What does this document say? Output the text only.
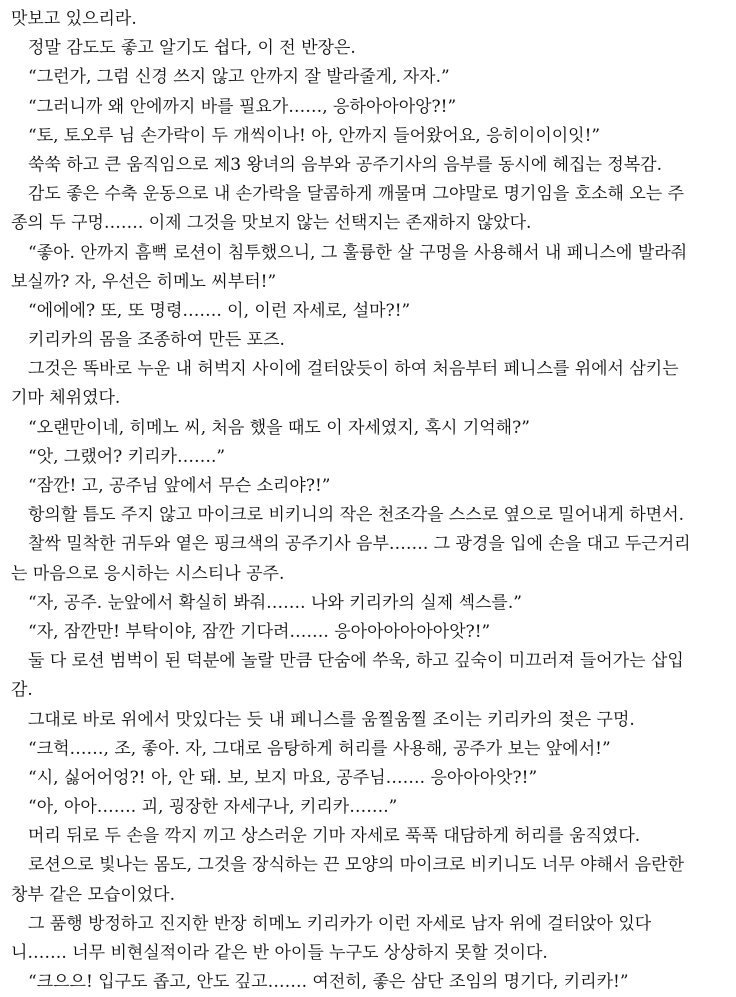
맛보고 있으리라.
정말 감도도 좋고 알기도 쉽다, 이 전 반장은.
“그런가, 그럼 신경 쓰지 않고 안까지 잘 발라줄게, 자자.”
“그러니까 왜 안에까지 바를 필요가……, 응하아아아앙?!”
“토, 토오루 님 손가락이 두 개씩이나! 아, 안까지 들어왔어요, 응히이이이잇!”
쑥쑥 하고 큰 움직임으로 제3 왕녀의 음부와 공주기사의 음부를 동시에 헤집는 정복감.
감도 좋은 수축 운동으로 내 손가락을 달콤하게 깨물며 그야말로 명기임을 호소해 오는 주
종의 두 구멍……. 이제 그것을 맛보지 않는 선택지는 존재하지 않았다.
“좋아. 안까지 흠뻑 로션이 침투했으니, 그 훌륭한 살 구멍을 사용해서 내 페니스에 발라줘
보실까? 자, 우선은 히메노 씨부터!”
“에에에? 또, 또 명령……. 이, 이런 자세로, 설마?!”
키리카의 몸을 조종하여 만든 포즈.
그것은 똑바로 누운 내 허벅지 사이에 걸터앉듯이 하여 처음부터 페니스를 위에서 삼키는
기마 체위였다.
“오랜만이네, 히메노 씨, 처음 했을 때도 이 자세였지, 혹시 기억해?”
“앗, 그랬어? 키리카…….”
“잠깐! 고, 공주님 앞에서 무슨 소리야?!”
항의할 틈도 주지 않고 마이크로 비키니의 작은 천조각을 스스로 옆으로 밀어내게 하면서.
찰싹 밀착한 귀두와 옅은 핑크색의 공주기사 음부……. 그 광경을 입에 손을 대고 두근거리
는 마음으로 응시하는 시스티나 공주.
“자, 공주. 눈앞에서 확실히 봐줘……. 나와 키리카의 실제 섹스를.”
“자, 잠깐만! 부탁이야, 잠깐 기다려……. 응아아아아아아앗?!”
둘 다 로션 범벅이 된 덕분에 놀랄 만큼 단숨에 쑤욱, 하고 깊숙이 미끄러져 들어가는 삽입
감.
그대로 바로 위에서 맛있다는 듯 내 페니스를 움찔움찔 조이는 키리카의 젖은 구멍.
“크헉……, 조, 좋아. 자, 그대로 음탕하게 허리를 사용해, 공주가 보는 앞에서!”
“시, 싫어어엉?! 아, 안 돼. 보, 보지 마요, 공주님……. 응아아아앗?!”
“아, 아아……. 괴, 굉장한 자세구나, 키리카…….”
머리 뒤로 두 손을 깍지 끼고 상스러운 기마 자세로 푹푹 대담하게 허리를 움직였다.
로션으로 빛나는 몸도, 그것을 장식하는 끈 모양의 마이크로 비키니도 너무 야해서 음란한
창부 같은 모습이었다.
그 품행 방정하고 진지한 반장 히메노 키리카가 이런 자세로 남자 위에 걸터앉아 있다
니……. 너무 비현실적이라 같은 반 아이들 누구도 상상하지 못할 것이다.
“크으으! 입구도 좁고, 안도 깊고……. 여전히, 좋은 삼단 조임의 명기다, 키리카!”
